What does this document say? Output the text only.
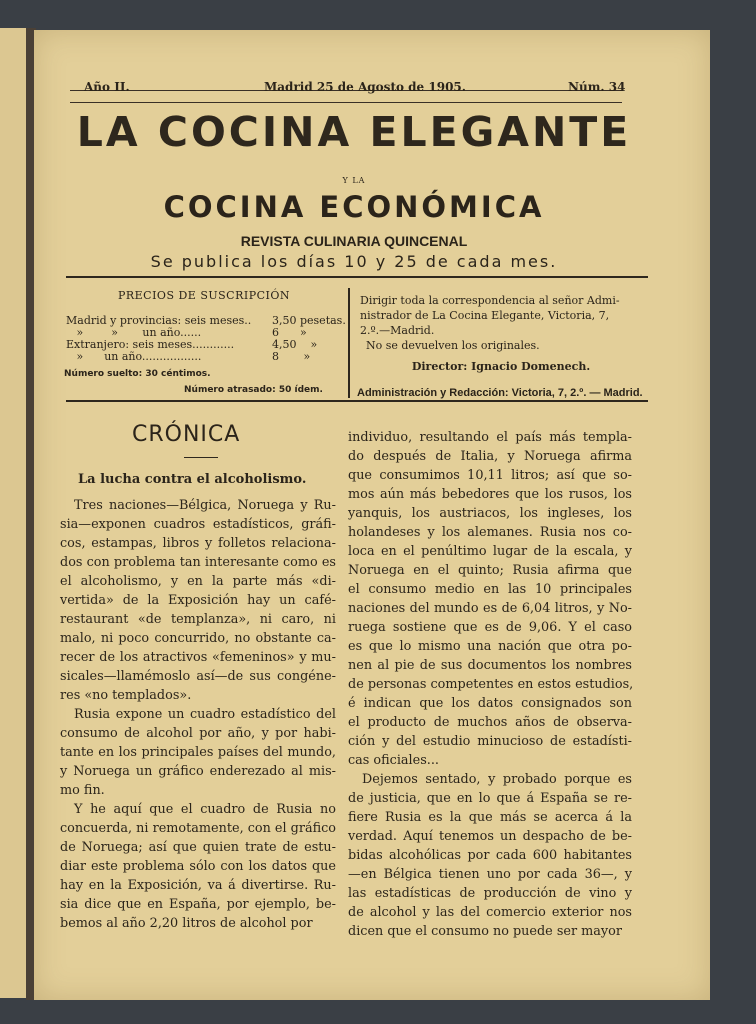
Año II.	Madrid 25 de Agosto de 1905.	Núm. 34
LA COCINA ELEGANTE
Y LA
COCINA ECONÓMICA
REVISTA CULINARIA QUINCENAL
Se publica los días 10 y 25 de cada mes.
PRECIOS DE SUSCRIPCIÓN
Madrid y provincias: seis meses.. 3,50 pesetas.
»        »       un año......	6      »
Extranjero: seis meses............	4,50    »
»      un año.................	8       »
Número suelto: 30 céntimos.
Número atrasado: 50 ídem.
Dirigir toda la correspondencia al señor Admi-
nistrador de La Cocina Elegante, Victoria, 7,
2.º.—Madrid.
No se devuelven los originales.
Director: Ignacio Domenech.
Administración y Redacción: Victoria, 7, 2.º. — Madrid.
CRÓNICA
La lucha contra el alcoholismo.
Tres naciones—Bélgica, Noruega y Ru-
sia—exponen cuadros estadísticos, gráfi-
cos, estampas, libros y folletos relaciona-
dos con problema tan interesante como es
el alcoholismo, y en la parte más «di-
vertida» de la Exposición hay un café-
restaurant «de templanza», ni caro, ni
malo, ni poco concurrido, no obstante ca-
recer de los atractivos «femeninos» y mu-
sicales—llamémoslo así—de sus congéne-
res «no templados».
Rusia expone un cuadro estadístico del
consumo de alcohol por año, y por habi-
tante en los principales países del mundo,
y Noruega un gráfico enderezado al mis-
mo fin.
Y he aquí que el cuadro de Rusia no
concuerda, ni remotamente, con el gráfico
de Noruega; así que quien trate de estu-
diar este problema sólo con los datos que
hay en la Exposición, va á divertirse. Ru-
sia dice que en España, por ejemplo, be-
bemos al año 2,20 litros de alcohol por
individuo, resultando el país más templa-
do después de Italia, y Noruega afirma
que consumimos 10,11 litros; así que so-
mos aún más bebedores que los rusos, los
yanquis, los austriacos, los ingleses, los
holandeses y los alemanes. Rusia nos co-
loca en el penúltimo lugar de la escala, y
Noruega en el quinto; Rusia afirma que
el consumo medio en las 10 principales
naciones del mundo es de 6,04 litros, y No-
ruega sostiene que es de 9,06. Y el caso
es que lo mismo una nación que otra po-
nen al pie de sus documentos los nombres
de personas competentes en estos estudios,
é indican que los datos consignados son
el producto de muchos años de observa-
ción y del estudio minucioso de estadísti-
cas oficiales...
Dejemos sentado, y probado porque es
de justicia, que en lo que á España se re-
fiere Rusia es la que más se acerca á la
verdad. Aquí tenemos un despacho de be-
bidas alcohólicas por cada 600 habitantes
—en Bélgica tienen uno por cada 36—, y
las estadísticas de producción de vino y
de alcohol y las del comercio exterior nos
dicen que el consumo no puede ser mayor
